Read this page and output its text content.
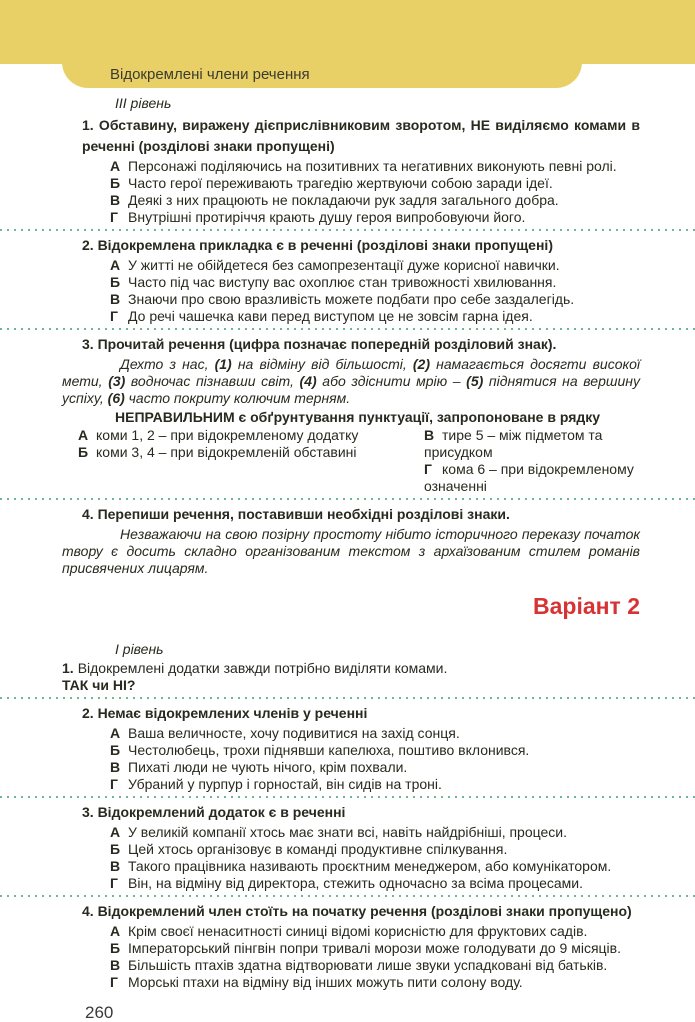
Відокремлені члени речення
III рівень
1. Обставину, виражену дієприслівниковим зворотом, НЕ виділяємо комами в реченні (розділові знаки пропущені)
А Персонажі поділяючись на позитивних та негативних виконують певні ролі.
Б Часто герої переживають трагедію жертвуючи собою заради ідеї.
В Деякі з них працюють не покладаючи рук задля загального добра.
Г Внутрішні протиріччя крають душу героя випробовуючи його.
2. Відокремлена прикладка є в реченні (розділові знаки пропущені)
А У житті не обійдетеся без самопрезентації дуже корисної навички.
Б Часто під час виступу вас охоплює стан тривожності хвилювання.
В Знаючи про свою вразливість можете подбати про себе заздалегідь.
Г До речі чашечка кави перед виступом це не зовсім гарна ідея.
3. Прочитай речення (цифра позначає попередній розділовий знак).

Дехто з нас, (1) на відміну від більшості, (2) намагається досягти високої мети, (3) водночас пізнавши світ, (4) або здіснити мрію – (5) піднятися на вершину успіху, (6) часто покриту колючим терням.

НЕПРАВИЛЬНИМ є обґрунтування пунктуації, запропоноване в рядку
А коми 1, 2 – при відокремленому додатку
Б коми 3, 4 – при відокремленій обставині
В тире 5 – між підметом та присудком
Г кома 6 – при відокремленому означенні
4. Перепиши речення, поставивши необхідні розділові знаки.

Незважаючи на свою позірну простоту нібито історичного переказу початок твору є досить складно організованим текстом з архаїзованим стилем романів присвячених лицарям.

Варіант 2
I рівень
1. Відокремлені додатки завжди потрібно виділяти комами.
ТАК чи НІ?
2. Немає відокремлених членів у реченні
А Ваша величносте, хочу подивитися на захід сонця.
Б Честолюбець, трохи піднявши капелюха, поштиво вклонився.
В Пихаті люди не чують нічого, крім похвали.
Г Убраний у пурпур і горностай, він сидів на троні.
3. Відокремлений додаток є в реченні
А У великій компанії хтось має знати всі, навіть найдрібніші, процеси.
Б Цей хтось організовує в команді продуктивне спілкування.
В Такого працівника називають проєктним менеджером, або комунікатором.
Г Він, на відміну від директора, стежить одночасно за всіма процесами.
4. Відокремлений член стоїть на початку речення (розділові знаки пропущено)
А Крім своєї ненаситності синиці відомі корисністю для фруктових садів.
Б Імператорський пінгвін попри тривалі морози може голодувати до 9 місяців.
В Більшість птахів здатна відтворювати лише звуки успадковані від батьків.
Г Морські птахи на відміну від інших можуть пити солону воду.
260
